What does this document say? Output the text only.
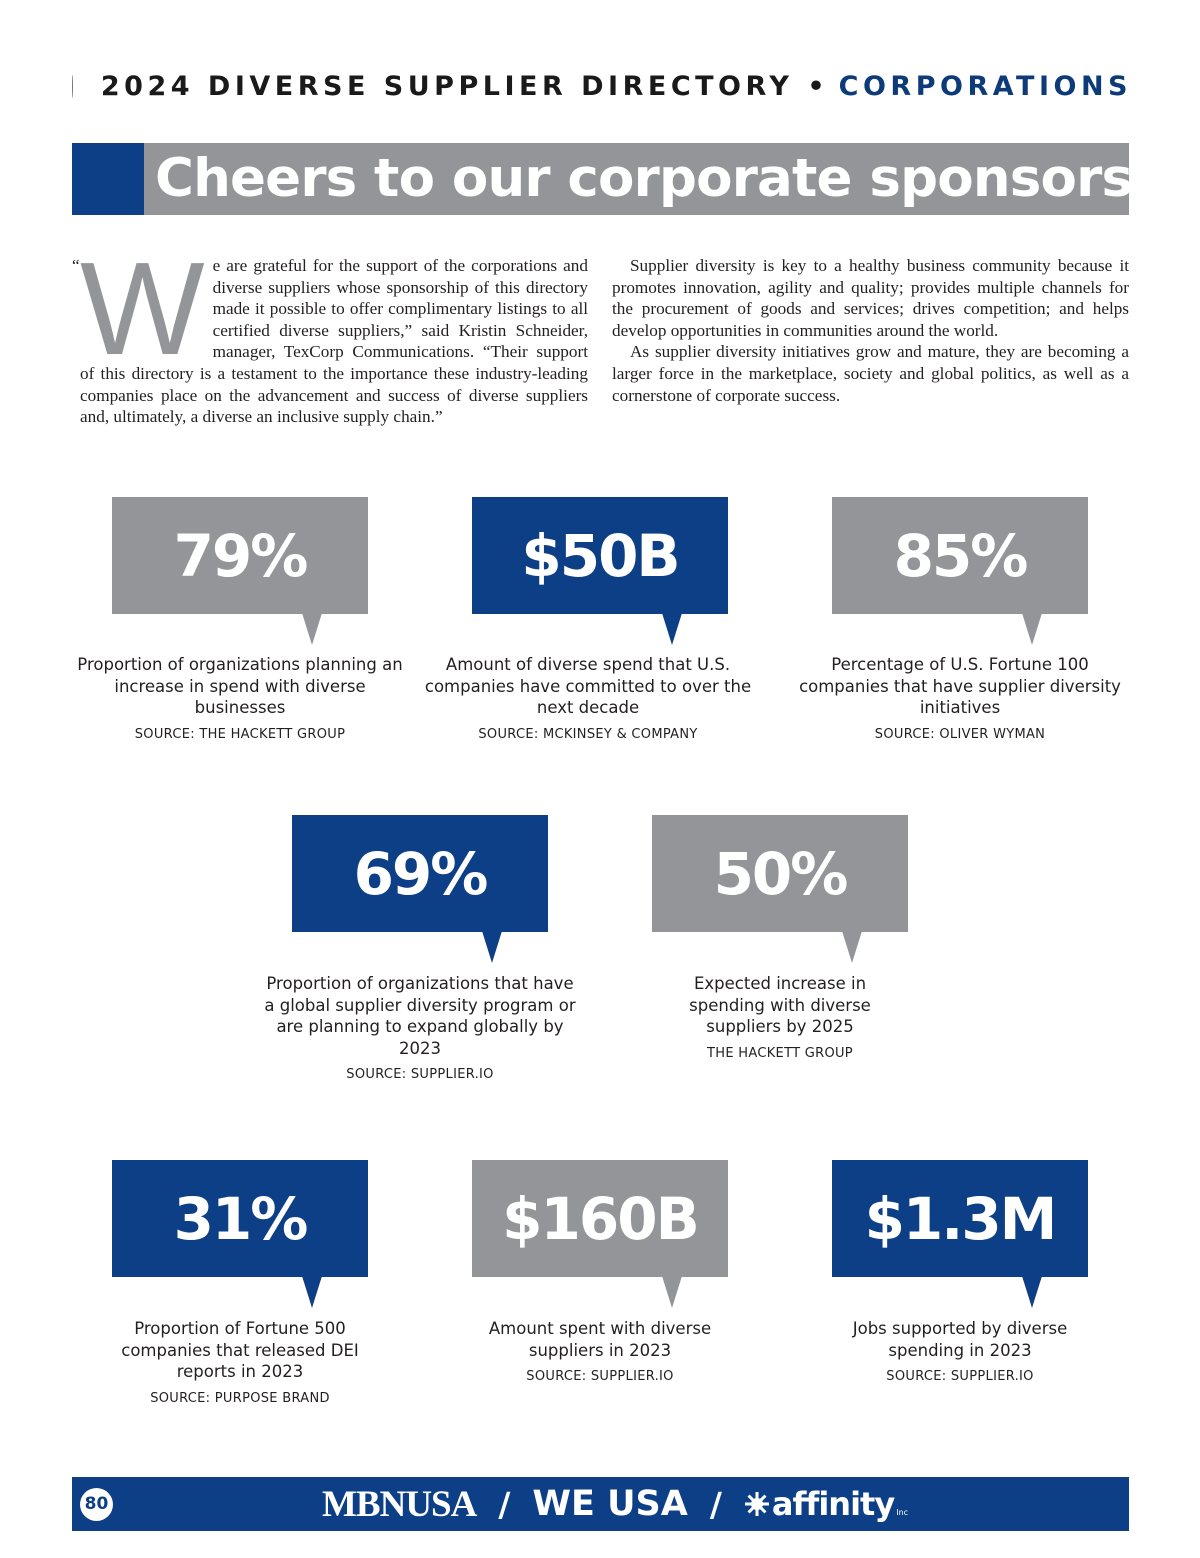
2024 DIVERSE SUPPLIER DIRECTORY • CORPORATIONS
Cheers to our corporate sponsors
“ W e are grateful for the support of the corporations and diverse suppliers whose sponsorship of this directory made it possible to offer complimentary listings to all certified diverse suppliers,” said Kristin Schneider, manager, TexCorp Communications. “Their support of this directory is a testament to the importance these industry-leading companies place on the advancement and success of diverse suppliers and, ultimately, a diverse an inclusive supply chain.”

Supplier diversity is key to a healthy business community because it promotes innovation, agility and quality; provides multiple channels for the procurement of goods and services; drives competition; and helps develop opportunities in communities around the world.

As supplier diversity initiatives grow and mature, they are becoming a larger force in the marketplace, society and global politics, as well as a cornerstone of corporate success.

79%
Proportion of organizations planning an increase in spend with diverse businesses
SOURCE: THE HACKETT GROUP
$50B
Amount of diverse spend that U.S. companies have committed to over the next decade
SOURCE: MCKINSEY & COMPANY
85%
Percentage of U.S. Fortune 100 companies that have supplier diversity initiatives
SOURCE: OLIVER WYMAN
69%
Proportion of organizations that have a global supplier diversity program or are planning to expand globally by 2023
SOURCE: SUPPLIER.IO
50%
Expected increase in spending with diverse suppliers by 2025
THE HACKETT GROUP
31%
Proportion of Fortune 500 companies that released DEI reports in 2023
SOURCE: PURPOSE BRAND
$160B
Amount spent with diverse suppliers in 2023
SOURCE: SUPPLIER.IO
$1.3M
Jobs supported by diverse spending in 2023
SOURCE: SUPPLIER.IO
80	MBNUSA / WE USA / affinity Inc
